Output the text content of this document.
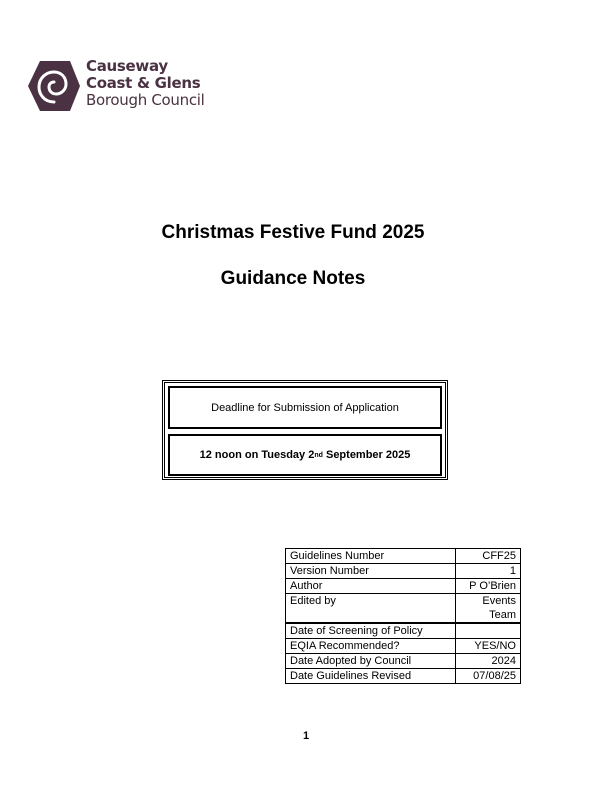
Causeway
Coast & Glens
Borough Council
Christmas Festive Fund 2025
Guidance Notes
Deadline for Submission of Application
12 noon on Tuesday 2 nd September 2025
Guidelines Number	CFF25
Version Number	1
Author	P O’Brien
Edited by	Events Team
Date of Screening of Policy	
EQIA Recommended?	YES/NO
Date Adopted by Council	2024
Date Guidelines Revised	07/08/25
1
